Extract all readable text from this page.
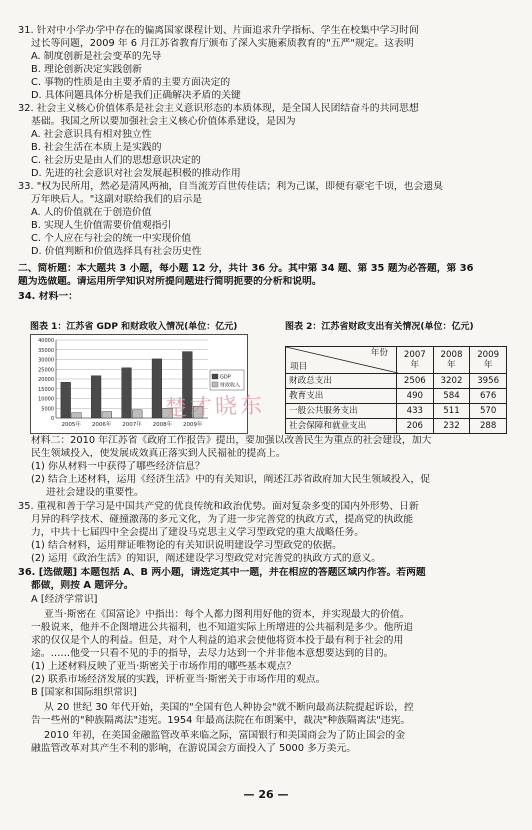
31. 针对中小学办学中存在的偏离国家课程计划、片面追求升学指标、学生在校集中学习时间
过长等问题，2009 年 6 月江苏省教育厅颁布了深入实施素质教育的"五严"规定。这表明
A. 制度创新是社会变革的先导
B. 理论创新决定实践创新
C. 事物的性质是由主要矛盾的主要方面决定的
D. 具体问题具体分析是我们正确解决矛盾的关键
32. 社会主义核心价值体系是社会主义意识形态的本质体现，是全国人民团结奋斗的共同思想
基础。我国之所以要加强社会主义核心价值体系建设，是因为
A. 社会意识具有相对独立性
B. 社会生活在本质上是实践的
C. 社会历史是由人们的思想意识决定的
D. 先进的社会意识对社会发展起积极的推动作用
33. "权为民所用，然必是清风两袖，自当流芳百世传佳话；利为己谋，即便有豪宅千顷，也会遗臭
万年映后人。"这副对联给我们的启示是
A. 人的价值就在于创造价值
B. 实现人生价值需要价值观指引
C. 个人应在与社会的统一中实现价值
D. 价值判断和价值选择具有社会历史性
二、简析题：本大题共 3 小题，每小题 12 分，共计 36 分。其中第 34 题、第 35 题为必答题，第 36
题为选做题。请运用所学知识对所提问题进行简明扼要的分析和说明。
34. 材料一：
材料二：2010 年江苏省《政府工作报告》提出，要加强以改善民生为重点的社会建设，加大
民生领域投入，使发展成效真正落实到人民福祉的提高上。
(1) 你从材料一中获得了哪些经济信息？
(2) 结合上述材料，运用《经济生活》中的有关知识，阐述江苏省政府加大民生领域投入，促
进社会建设的重要性。
35. 重视和善于学习是中国共产党的优良传统和政治优势。面对复杂多变的国内外形势、日新
月异的科学技术、碰撞激荡的多元文化，为了进一步完善党的执政方式，提高党的执政能
力，中共十七届四中全会提出了建设马克思主义学习型政党的重大战略任务。
(1) 结合材料，运用辩证唯物论的有关知识说明建设学习型政党的依据。
(2) 运用《政治生活》的知识，阐述建设学习型政党对完善党的执政方式的意义。
36. [选做题] 本题包括 A、B 两小题，请选定其中一题，并在相应的答题区域内作答。若两题
都做，则按 A 题评分。
A [经济学常识]
亚当·斯密在《国富论》中指出：每个人都力图利用好他的资本，并实现最大的价值。
一般说来，他并不企图增进公共福利，也不知道实际上所增进的公共福利是多少。他所追
求的仅仅是个人的利益。但是，对个人利益的追求会使他将资本投于最有利于社会的用
途。……他受一只看不见的手的指导，去尽力达到一个并非他本意想要达到的目的。
(1) 上述材料反映了亚当·斯密关于市场作用的哪些基本观点？
(2) 联系市场经济发展的实践，评析亚当·斯密关于市场作用的观点。
B [国家和国际组织常识]
从 20 世纪 30 年代开始，美国的"全国有色人种协会"就不断向最高法院提起诉讼，控
告一些州的"种族隔离法"违宪。1954 年最高法院在布朗案中，裁决"种族隔离法"违宪。
2010 年初，在美国金融监管改革来临之际，富国银行和美国商会为了防止国会的金
融监管改革对其产生不利的影响，在游说国会方面投入了 5000 多万美元。
图表 1：江苏省 GDP 和财政收入情况(单位：亿元)
0
5000
10000
15000
20000
25000
30000
35000
40000
2005年 2006年 2007年 2008年 2009年
GDP
财政收入
图表 2：江苏省财政支出有关情况(单位：亿元)
年份
项目	2007 年	2008 年	2009 年
财政总支出	2506	3202	3956
教育支出	490	584	676
一般公共服务支出	433	511	570
社会保障和就业支出	206	232	288
楚才晓东
— 26 —
